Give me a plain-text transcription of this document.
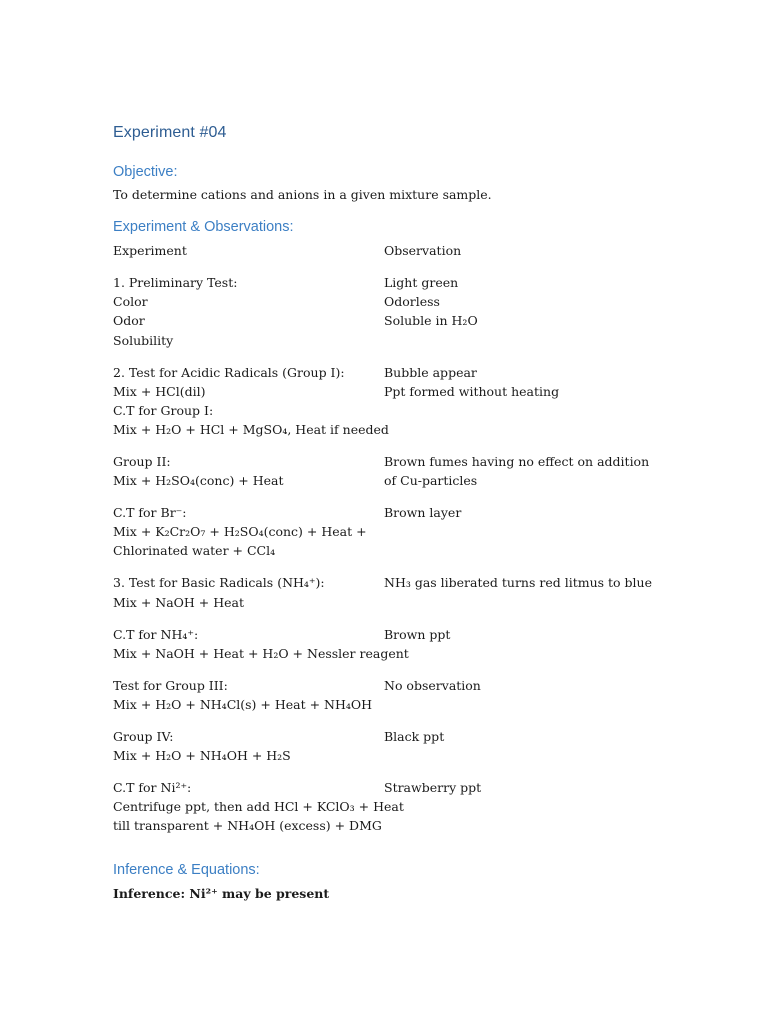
Experiment #04
Objective:
To determine cations and anions in a given mixture sample.
Experiment & Observations:
Experiment	Observation
1. Preliminary Test:
Color
Odor
Solubility
Light green
Odorless
Soluble in H₂O
2. Test for Acidic Radicals (Group I):
Mix + HCl(dil)
C.T for Group I:
Mix + H₂O + HCl + MgSO₄, Heat if needed
Bubble appear
Ppt formed without heating
Group II:
Mix + H₂SO₄(conc) + Heat
Brown fumes having no effect on addition
of Cu-particles
C.T for Br⁻:
Mix + K₂Cr₂O₇ + H₂SO₄(conc) + Heat +
Chlorinated water + CCl₄
Brown layer
3. Test for Basic Radicals (NH₄⁺):
Mix + NaOH + Heat
NH₃ gas liberated turns red litmus to blue
C.T for NH₄⁺:
Mix + NaOH + Heat + H₂O + Nessler reagent
Brown ppt
Test for Group III:
Mix + H₂O + NH₄Cl(s) + Heat + NH₄OH
No observation
Group IV:
Mix + H₂O + NH₄OH + H₂S
Black ppt
C.T for Ni²⁺:
Centrifuge ppt, then add HCl + KClO₃ + Heat
till transparent + NH₄OH (excess) + DMG
Strawberry ppt
Inference & Equations:
Inference: Ni²⁺ may be present
